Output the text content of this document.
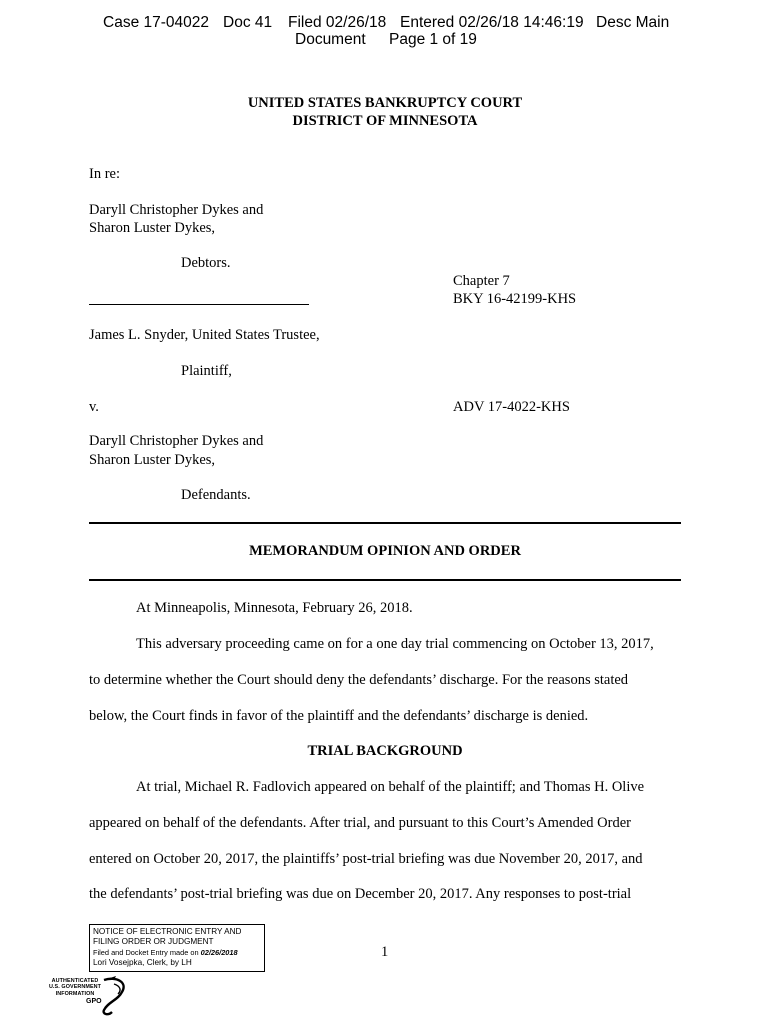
Case 17-04022 Doc 41 Filed 02/26/18 Entered 02/26/18 14:46:19 Desc Main
Document Page 1 of 19
UNITED STATES BANKRUPTCY COURT
DISTRICT OF MINNESOTA
In re:
Daryll Christopher Dykes and
Sharon Luster Dykes,
Debtors.
Chapter 7
BKY 16-42199-KHS
James L. Snyder, United States Trustee,
Plaintiff,
v.	ADV 17-4022-KHS
Daryll Christopher Dykes and
Sharon Luster Dykes,
Defendants.
MEMORANDUM OPINION AND ORDER
At Minneapolis, Minnesota, February 26, 2018.
This adversary proceeding came on for a one day trial commencing on October 13, 2017,
to determine whether the Court should deny the defendants’ discharge. For the reasons stated
below, the Court finds in favor of the plaintiff and the defendants’ discharge is denied.
TRIAL BACKGROUND
At trial, Michael R. Fadlovich appeared on behalf of the plaintiff; and Thomas H. Olive
appeared on behalf of the defendants. After trial, and pursuant to this Court’s Amended Order
entered on October 20, 2017, the plaintiffs’ post-trial briefing was due November 20, 2017, and
the defendants’ post-trial briefing was due on December 20, 2017. Any responses to post-trial
NOTICE OF ELECTRONIC ENTRY AND
FILING ORDER OR JUDGMENT
Filed and Docket Entry made on 02/26/2018
Lori Vosejpka, Clerk, by LH
1
AUTHENTICATED
U.S. GOVERNMENT
INFORMATION
GPO
